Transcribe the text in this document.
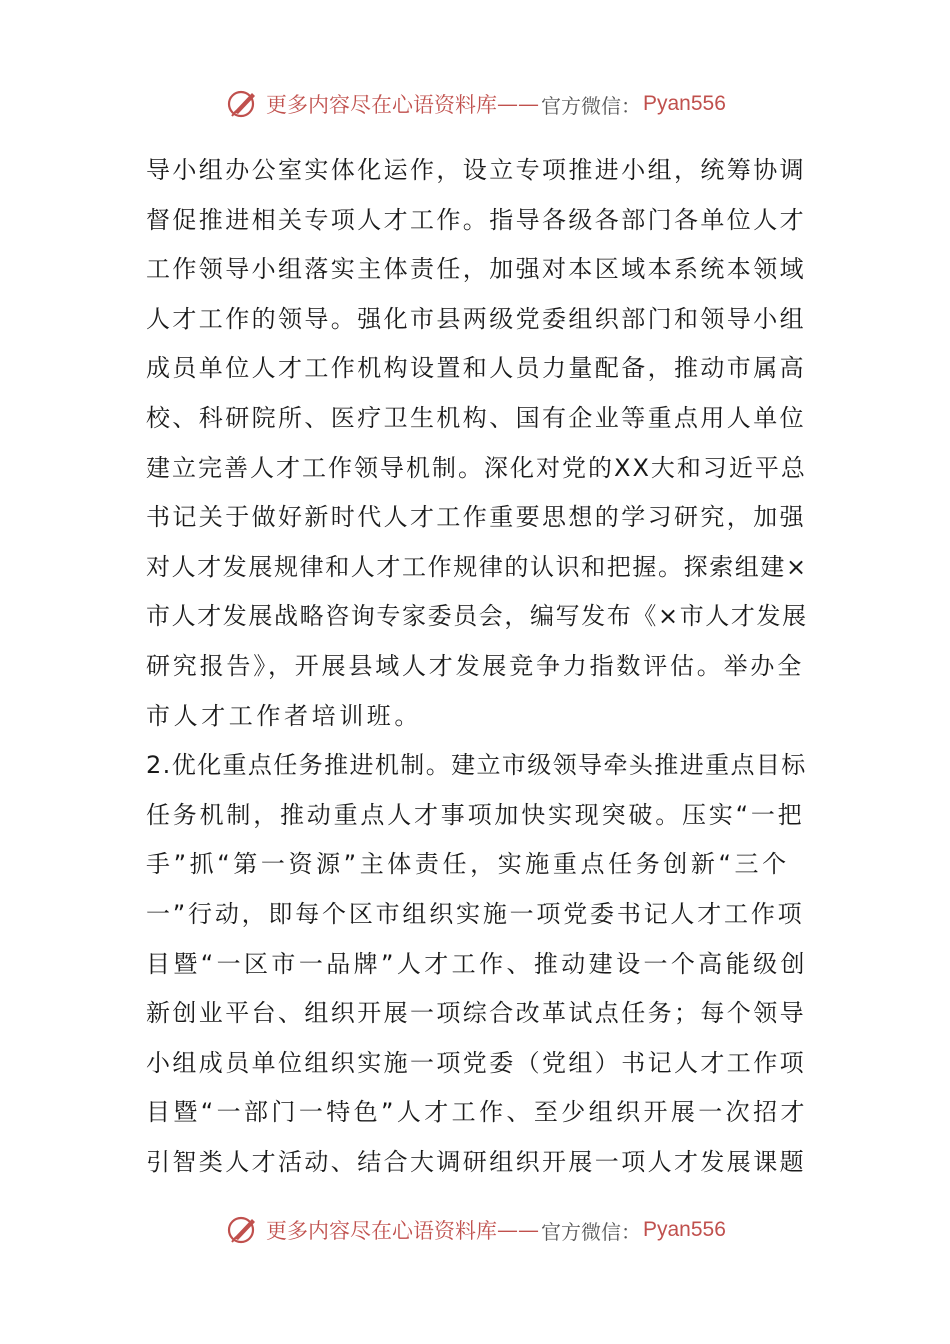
更多内容尽在心语资料库 —— 官方微信： Pyan556
导小组办公室实体化运作，设立专项推进小组，统筹协调
督促推进相关专项人才工作。指导各级各部门各单位人才
工作领导小组落实主体责任，加强对本区域本系统本领域
人才工作的领导。强化市县两级党委组织部门和领导小组
成员单位人才工作机构设置和人员力量配备，推动市属高
校、科研院所、医疗卫生机构、国有企业等重点用人单位
建立完善人才工作领导机制。深化对党的XX大和习近平总
书记关于做好新时代人才工作重要思想的学习研究，加强
对人才发展规律和人才工作规律的认识和把握。探索组建×
市人才发展战略咨询专家委员会，编写发布《×市人才发展
研究报告》，开展县域人才发展竞争力指数评估。举办全
市人才工作者培训班。
2.优化重点任务推进机制。建立市级领导牵头推进重点目标
任务机制，推动重点人才事项加快实现突破。压实“一把
手”抓“第一资源”主体责任，实施重点任务创新“三个
一”行动，即每个区市组织实施一项党委书记人才工作项
目暨“一区市一品牌”人才工作、推动建设一个高能级创
新创业平台、组织开展一项综合改革试点任务；每个领导
小组成员单位组织实施一项党委（党组）书记人才工作项
目暨“一部门一特色”人才工作、至少组织开展一次招才
引智类人才活动、结合大调研组织开展一项人才发展课题
更多内容尽在心语资料库 —— 官方微信： Pyan556
